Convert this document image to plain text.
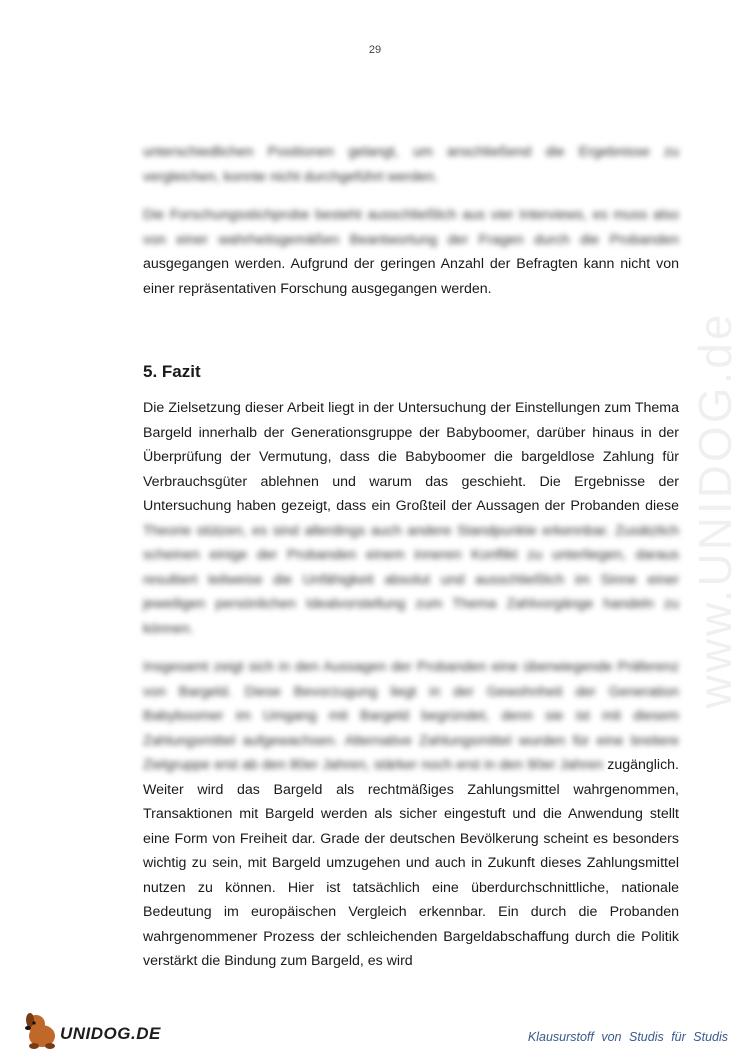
29
www.UNIDOG.de

unterschiedlichen Positionen gelangt, um anschließend die Ergebnisse zu vergleichen, konnte nicht durchgeführt werden.

Die Forschungsstichprobe besteht ausschließlich aus vier Interviews, es muss also von einer wahrheitsgemäßen Beantwortung der Fragen durch die Probanden ausgegangen werden. Aufgrund der geringen Anzahl der Befragten kann nicht von einer repräsentativen Forschung ausgegangen werden.

5. Fazit

Die Zielsetzung dieser Arbeit liegt in der Untersuchung der Einstellungen zum Thema Bargeld innerhalb der Generationsgruppe der Babyboomer, darüber hinaus in der Überprüfung der Vermutung, dass die Babyboomer die bargeldlose Zahlung für Verbrauchsgüter ablehnen und warum das geschieht. Die Ergebnisse der Untersuchung haben gezeigt, dass ein Großteil der Aussagen der Probanden diese Theorie stützen, es sind allerdings auch andere Standpunkte erkennbar. Zusätzlich scheinen einige der Probanden einem inneren Konflikt zu unterliegen, daraus resultiert teilweise die Unfähigkeit absolut und ausschließlich im Sinne einer jeweiligen persönlichen Idealvorstellung zum Thema Zahlvorgänge handeln zu können.

Insgesamt zeigt sich in den Aussagen der Probanden eine überwiegende Präferenz von Bargeld. Diese Bevorzugung liegt in der Gewohnheit der Generation Babyboomer im Umgang mit Bargeld begründet, denn sie ist mit diesem Zahlungsmittel aufgewachsen. Alternative Zahlungsmittel wurden für eine breitere Zielgruppe erst ab den 80er Jahren, stärker noch erst in den 90er Jahren zugänglich. Weiter wird das Bargeld als rechtmäßiges Zahlungsmittel wahrgenommen, Transaktionen mit Bargeld werden als sicher eingestuft und die Anwendung stellt eine Form von Freiheit dar. Grade der deutschen Bevölkerung scheint es besonders wichtig zu sein, mit Bargeld umzugehen und auch in Zukunft dieses Zahlungsmittel nutzen zu können. Hier ist tatsächlich eine überdurchschnittliche, nationale Bedeutung im europäischen Vergleich erkennbar. Ein durch die Probanden wahrgenommener Prozess der schleichenden Bargeldabschaffung durch die Politik verstärkt die Bindung zum Bargeld, es wird

UNIDOG.DE	Klausurstoff von Studis für Studis
